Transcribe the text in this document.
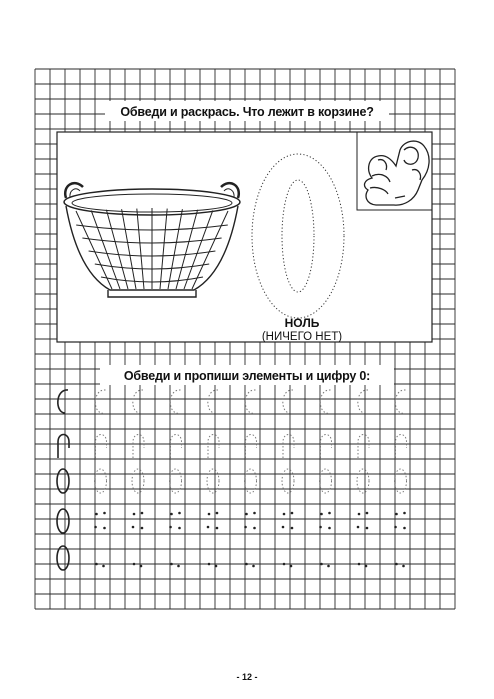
Обведи и раскрась. Что лежит в корзине?
Обведи и пропиши элементы и цифру 0:
НОЛЬ
(НИЧЕГО НЕТ)
- 12 -
